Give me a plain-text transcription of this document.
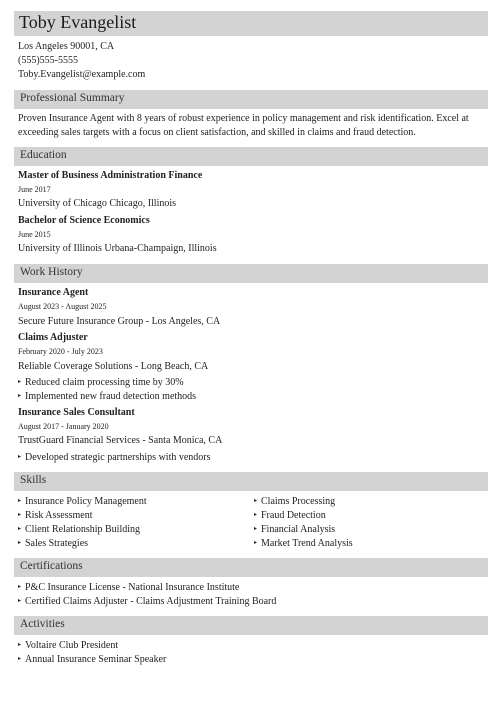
Toby Evangelist
Los Angeles 90001, CA
(555)555-5555
Toby.Evangelist@example.com
Professional Summary
Proven Insurance Agent with 8 years of robust experience in policy management and risk identification. Excel at exceeding sales targets with a focus on client satisfaction, and skilled in claims and fraud detection.
Education
Master of Business Administration Finance
June 2017
University of Chicago Chicago, Illinois
Bachelor of Science Economics
June 2015
University of Illinois Urbana-Champaign, Illinois
Work History
Insurance Agent
August 2023 - August 2025
Secure Future Insurance Group - Los Angeles, CA
Claims Adjuster
February 2020 - July 2023
Reliable Coverage Solutions - Long Beach, CA
▸ Reduced claim processing time by 30%
▸ Implemented new fraud detection methods
Insurance Sales Consultant
August 2017 - January 2020
TrustGuard Financial Services - Santa Monica, CA
▸ Developed strategic partnerships with vendors
Skills
▸ Insurance Policy Management
▸ Risk Assessment
▸ Client Relationship Building
▸ Sales Strategies
▸ Claims Processing
▸ Fraud Detection
▸ Financial Analysis
▸ Market Trend Analysis
Certifications
▸ P&C Insurance License - National Insurance Institute
▸ Certified Claims Adjuster - Claims Adjustment Training Board
Activities
▸ Voltaire Club President
▸ Annual Insurance Seminar Speaker
